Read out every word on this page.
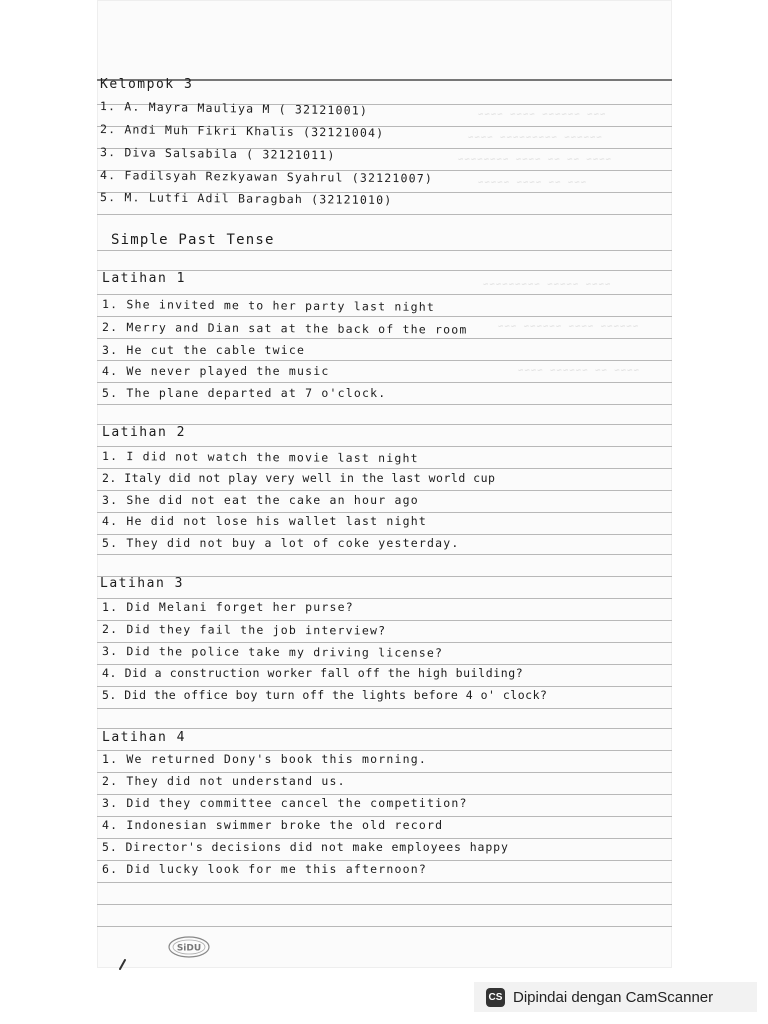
~~~ ~~~~~~ ~~~~ ~~~~
~~~~~~ ~~~~~~~~~ ~~~~
~~~~ ~~ ~~ ~~~~ ~~~~~~~~
~~~ ~~ ~~~~ ~~~~~
~~~~ ~~~~~ ~~~~~~~~~
~~~~~~ ~~~~ ~~~~~~ ~~~
~~~~ ~~ ~~~~~~ ~~~~
Kelompok 3
1. A. Mayra Mauliya M ( 32121001)
2. Andi Muh Fikri Khalis (32121004)
3. Diva Salsabila ( 32121011)
4. Fadilsyah Rezkyawan Syahrul (32121007)
5. M. Lutfi Adil Baragbah (32121010)
Simple Past Tense
Latihan 1
1. She invited me to her party last night
2. Merry and Dian sat at the back of the room
3. He cut the cable twice
4. We never played the music
5. The plane departed at 7 o'clock.
Latihan 2
1. I did not watch the movie last night
2. Italy did not play very well in the last world cup
3. She did not eat the cake an hour ago
4. He did not lose his wallet last night
5. They did not buy a lot of coke yesterday.
Latihan 3
1. Did Melani forget her purse?
2. Did they fail the job interview?
3. Did the police take my driving license?
4. Did a construction worker fall off the high building?
5. Did the office boy turn off the lights before 4 o' clock?
Latihan 4
1. We returned Dony's book this morning.
2. They did not understand us.
3. Did they committee cancel the competition?
4. Indonesian swimmer broke the old record
5. Director's decisions did not make employees happy
6. Did lucky look for me this afternoon?
SiDU
CS Dipindai dengan CamScanner
